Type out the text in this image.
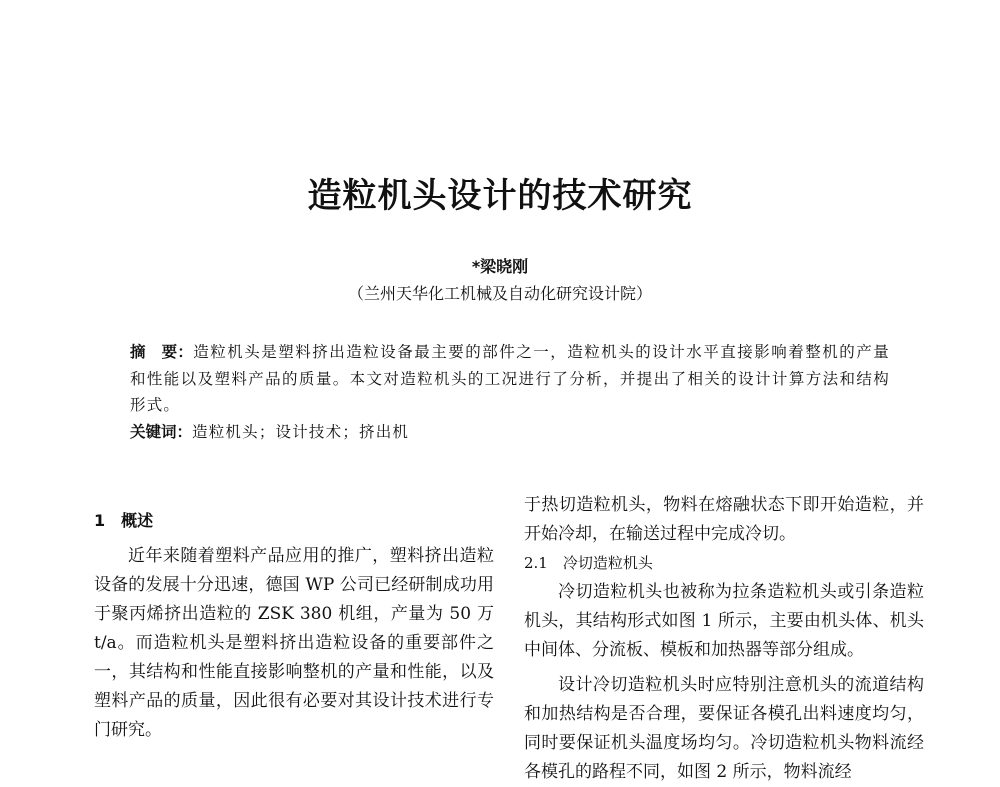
造粒机头设计的技术研究
*梁晓刚
（兰州天华化工机械及自动化研究设计院）

摘　要：造粒机头是塑料挤出造粒设备最主要的部件之一，造粒机头的设计水平直接影响着整机的产量和性能以及塑料产品的质量。本文对造粒机头的工况进行了分析，并提出了相关的设计计算方法和结构形式。

关键词：造粒机头；设计技术；挤出机

1　概述

近年来随着塑料产品应用的推广，塑料挤出造粒设备的发展十分迅速，德国 WP 公司已经研制成功用于聚丙烯挤出造粒的 ZSK 380 机组，产量为 50 万 t/a。而造粒机头是塑料挤出造粒设备的重要部件之一，其结构和性能直接影响整机的产量和性能，以及塑料产品的质量，因此很有必要对其设计技术进行专门研究。

于热切造粒机头，物料在熔融状态下即开始造粒，并开始冷却，在输送过程中完成冷切。

2.1　冷切造粒机头

冷切造粒机头也被称为拉条造粒机头或引条造粒机头，其结构形式如图 1 所示，主要由机头体、机头中间体、分流板、模板和加热器等部分组成。

设计冷切造粒机头时应特别注意机头的流道结构和加热结构是否合理，要保证各模孔出料速度均匀，同时要保证机头温度场均匀。冷切造粒机头物料流经各模孔的路程不同，如图 2 所示，物料流经
